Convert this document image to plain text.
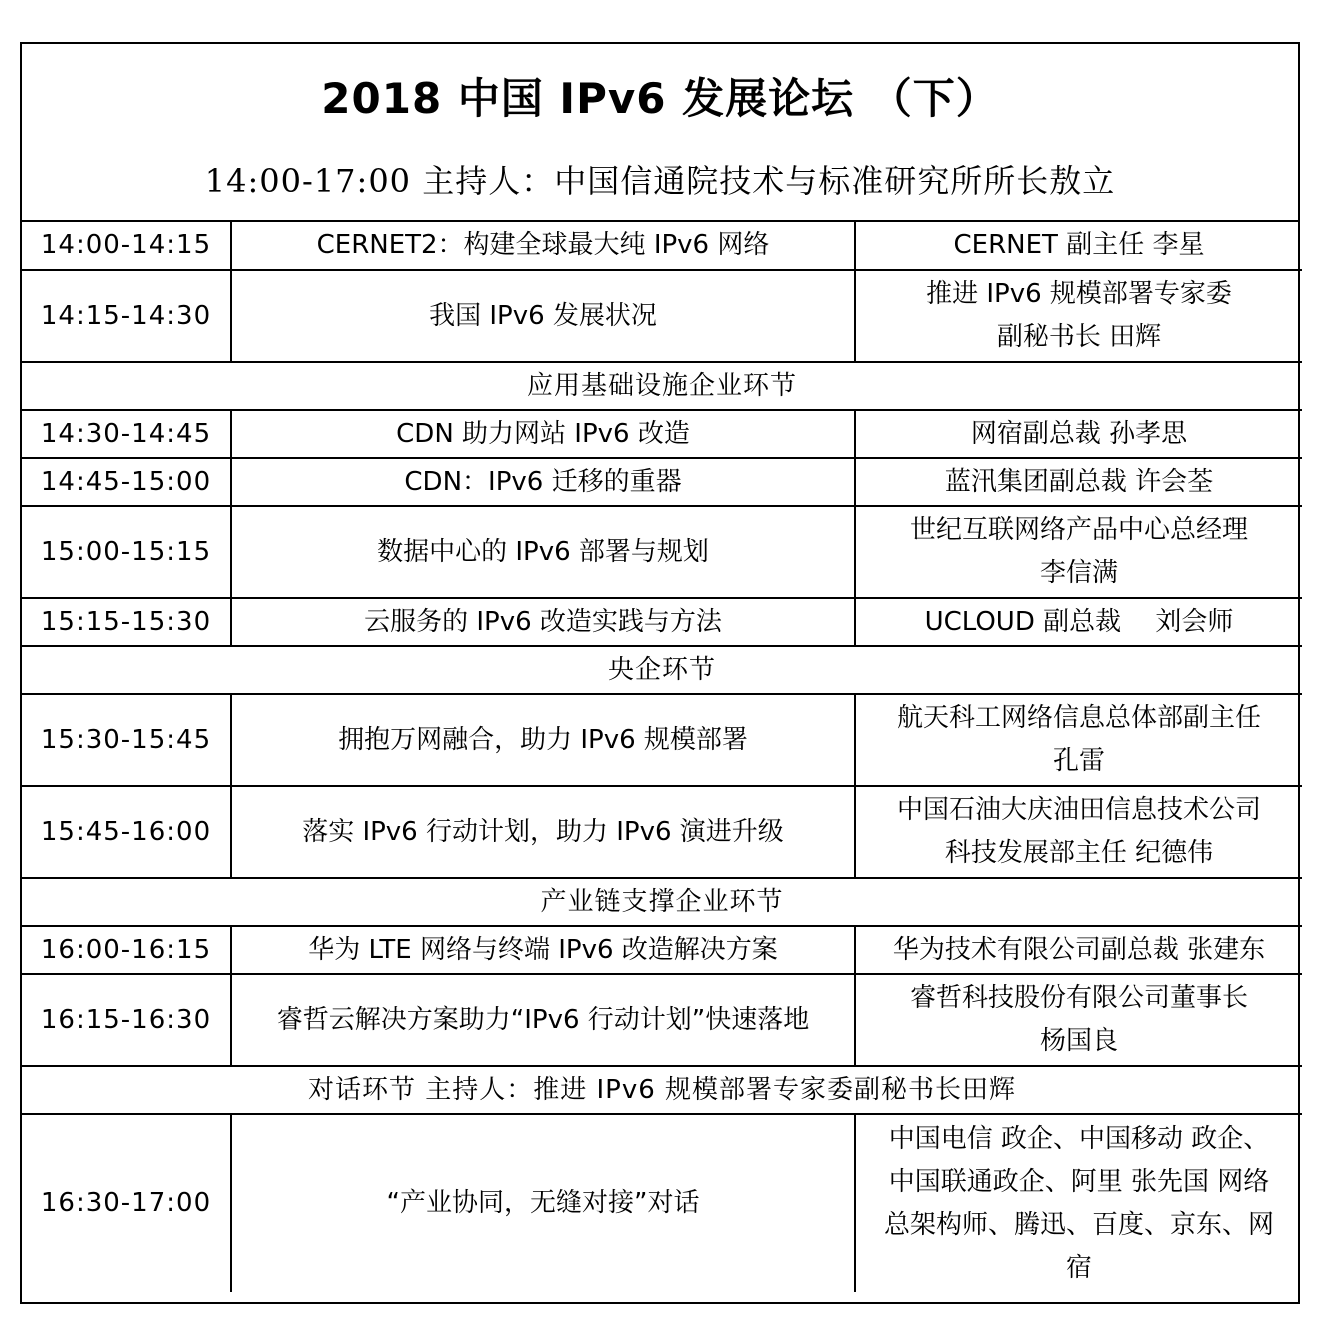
2018 中国 IPv6 发展论坛 （下）
14:00-17:00 主持人：中国信通院技术与标准研究所所长敖立
14:00-14:15	CERNET2：构建全球最大纯 IPv6 网络	CERNET 副主任 李星
14:15-14:30	我国 IPv6 发展状况	推进 IPv6 规模部署专家委
副秘书长 田辉
应用基础设施企业环节		
14:30-14:45	CDN 助力网站 IPv6 改造	网宿副总裁 孙孝思
14:45-15:00	CDN：IPv6 迁移的重器	蓝汛集团副总裁 许会荃
15:00-15:15	数据中心的 IPv6 部署与规划	世纪互联网络产品中心总经理
李信满
15:15-15:30	云服务的 IPv6 改造实践与方法	UCLOUD 副总裁　 刘会师
央企环节		
15:30-15:45	拥抱万网融合，助力 IPv6 规模部署	航天科工网络信息总体部副主任
孔雷
15:45-16:00	落实 IPv6 行动计划，助力 IPv6 演进升级	中国石油大庆油田信息技术公司
科技发展部主任 纪德伟
产业链支撑企业环节		
16:00-16:15	华为 LTE 网络与终端 IPv6 改造解决方案	华为技术有限公司副总裁 张建东
16:15-16:30	睿哲云解决方案助力“IPv6 行动计划”快速落地	睿哲科技股份有限公司董事长
杨国良
对话环节 主持人：推进 IPv6 规模部署专家委副秘书长田辉		
16:30-17:00	“产业协同，无缝对接”对话	中国电信 政企、中国移动 政企、
中国联通政企、阿里 张先国 网络
总架构师、腾迅、百度、京东、网
宿
